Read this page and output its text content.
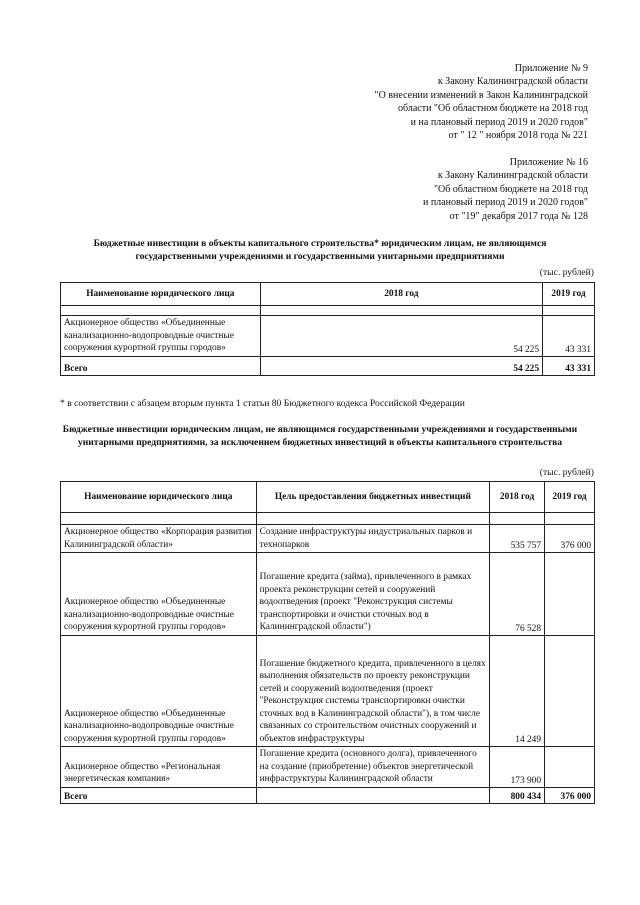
Приложение № 9
к Закону Калининградской области
"О внесении изменений в Закон Калининградской
области "Об областном бюджете на 2018 год
и на плановый период 2019 и 2020 годов"
от " 12 " ноября 2018 года № 221
Приложение № 16
к Закону Калининградской области
"Об областном бюджете на 2018 год
и плановый период 2019 и 2020 годов"
от "19" декабря 2017 года № 128
Бюджетные инвестиции в объекты капитального строительства* юридическим лицам, не являющимся государственными учреждениями и государственными унитарными предприятиями
(тыс. рублей)
Наименование юридического лица	2018 год	2019 год

Акционерное общество «Объединенные канализационно-водопроводные очистные сооружения курортной группы городов»	54 225	43 331
Всего	54 225	43 331
* в соответствии с абзацем вторым пункта 1 статьи 80 Бюджетного кодекса Российской Федерации
Бюджетные инвестиции юридическим лицам, не являющимся государственными учреждениями и государственными унитарными предприятиями, за исключением бюджетных инвестиций в объекты капитального строительства
(тыс. рублей)
Наименование юридического лица	Цель предоставления бюджетных инвестиций	2018 год	2019 год

Акционерное общество «Корпорация развития Калининградской области»	Создание инфраструктуры индустриальных парков и технопарков	535 757	376 000
Акционерное общество «Объединенные канализационно-водопроводные очистные сооружения курортной группы городов»	Погашение кредита (займа), привлеченного в рамках проекта реконструкции сетей и сооружений водоотведения (проект "Реконструкция системы транспортировки и очистки сточных вод в Калининградской области")	76 528	
Акционерное общество «Объединенные канализационно-водопроводные очистные сооружения курортной группы городов»	Погашение бюджетного кредита, привлеченного в целях выполнения обязательств по проекту реконструкции сетей и сооружений водоотведения (проект "Реконструкция системы транспортировки очистки сточных вод в Калининградской области"), в том числе связанных со строительством очистных сооружений и объектов инфраструктуры	14 249	
Акционерное общество «Региональная энергетическая компания»	Погашение кредита (основного долга), привлеченного на создание (приобретение) объектов энергетической инфраструктуры Калининградской области	173 900	
Всего		800 434	376 000
